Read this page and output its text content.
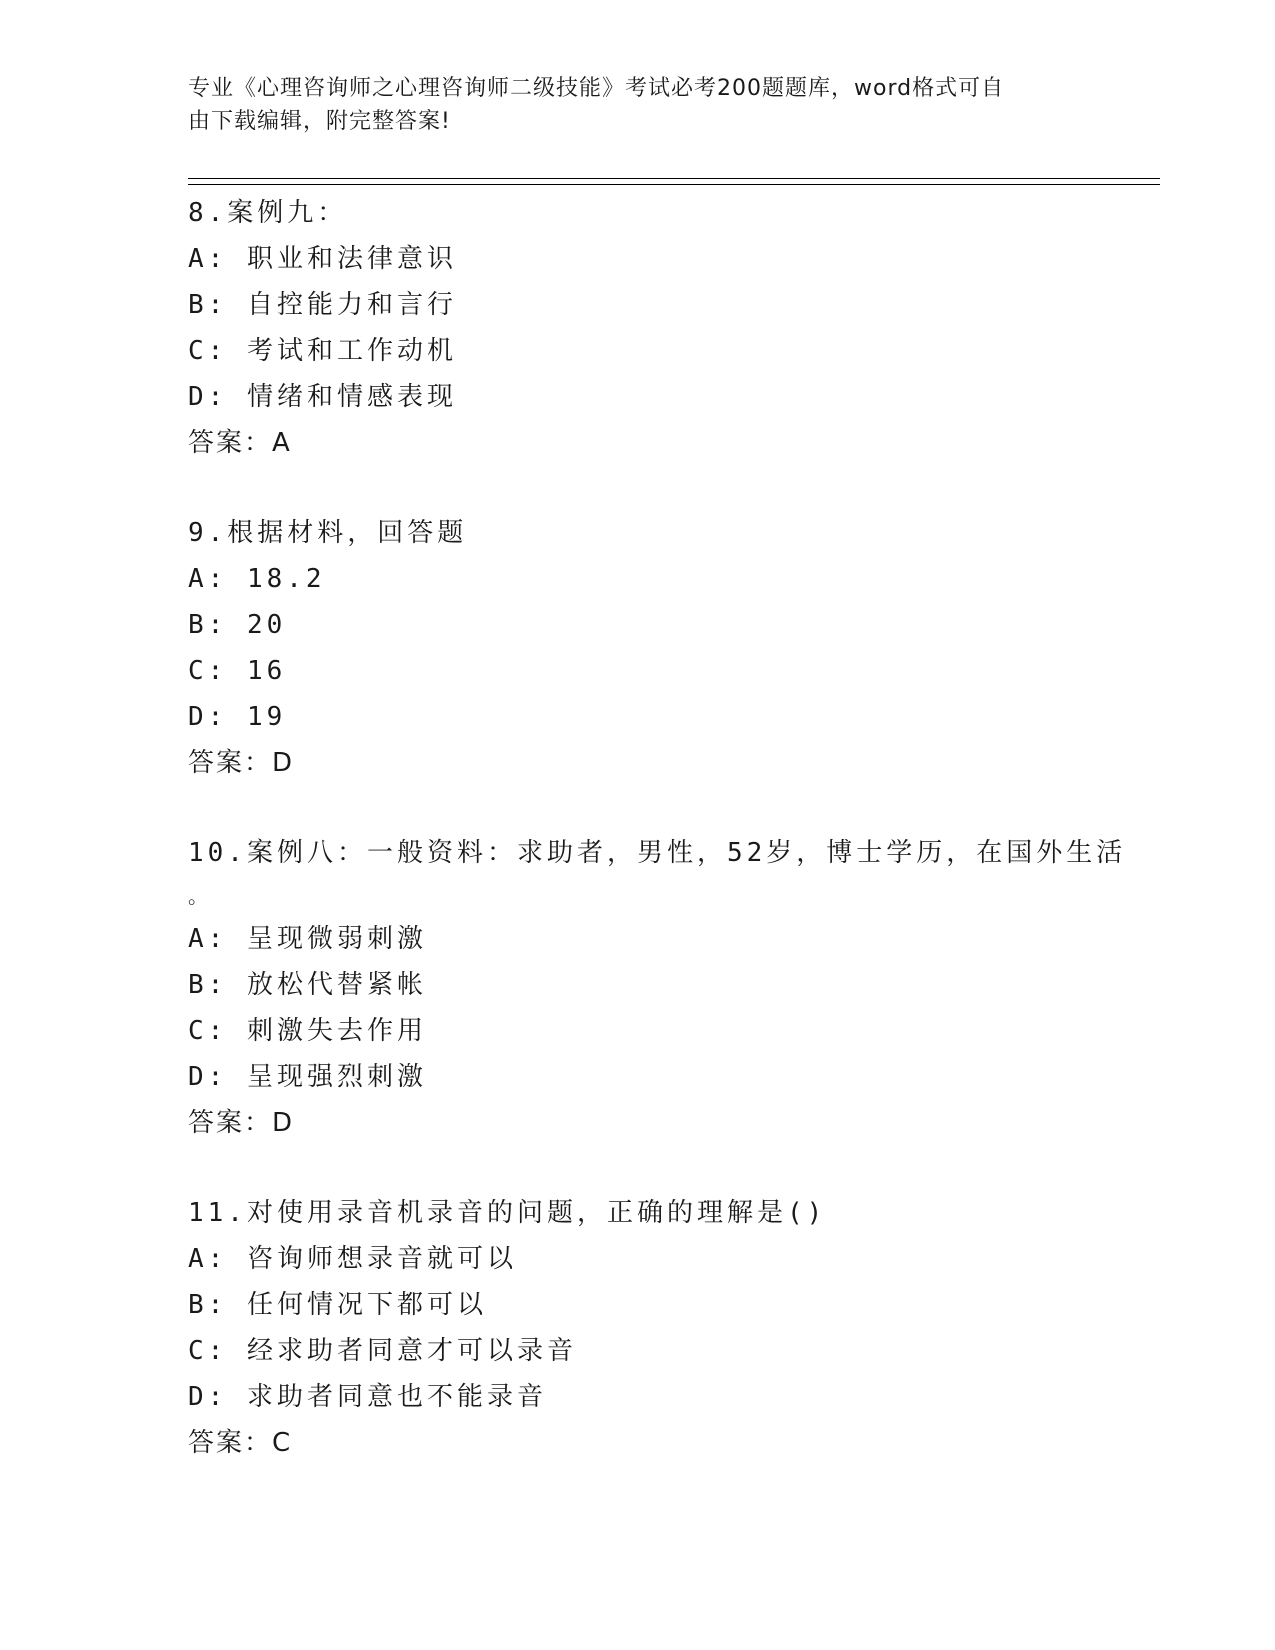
专业《心理咨询师之心理咨询师二级技能》考试必考200题题库，word格式可自
由下载编辑，附完整答案!
8.案例九：
A: 职业和法律意识
B: 自控能力和言行
C: 考试和工作动机
D: 情绪和情感表现
答案：A
9.根据材料，回答题
A: 18.2
B: 20
C: 16
D: 19
答案：D
10.案例八：一般资料：求助者，男性，52岁，博士学历，在国外生活
。
A: 呈现微弱刺激
B: 放松代替紧帐
C: 刺激失去作用
D: 呈现强烈刺激
答案：D
11.对使用录音机录音的问题，正确的理解是()
A: 咨询师想录音就可以
B: 任何情况下都可以
C: 经求助者同意才可以录音
D: 求助者同意也不能录音
答案：C
